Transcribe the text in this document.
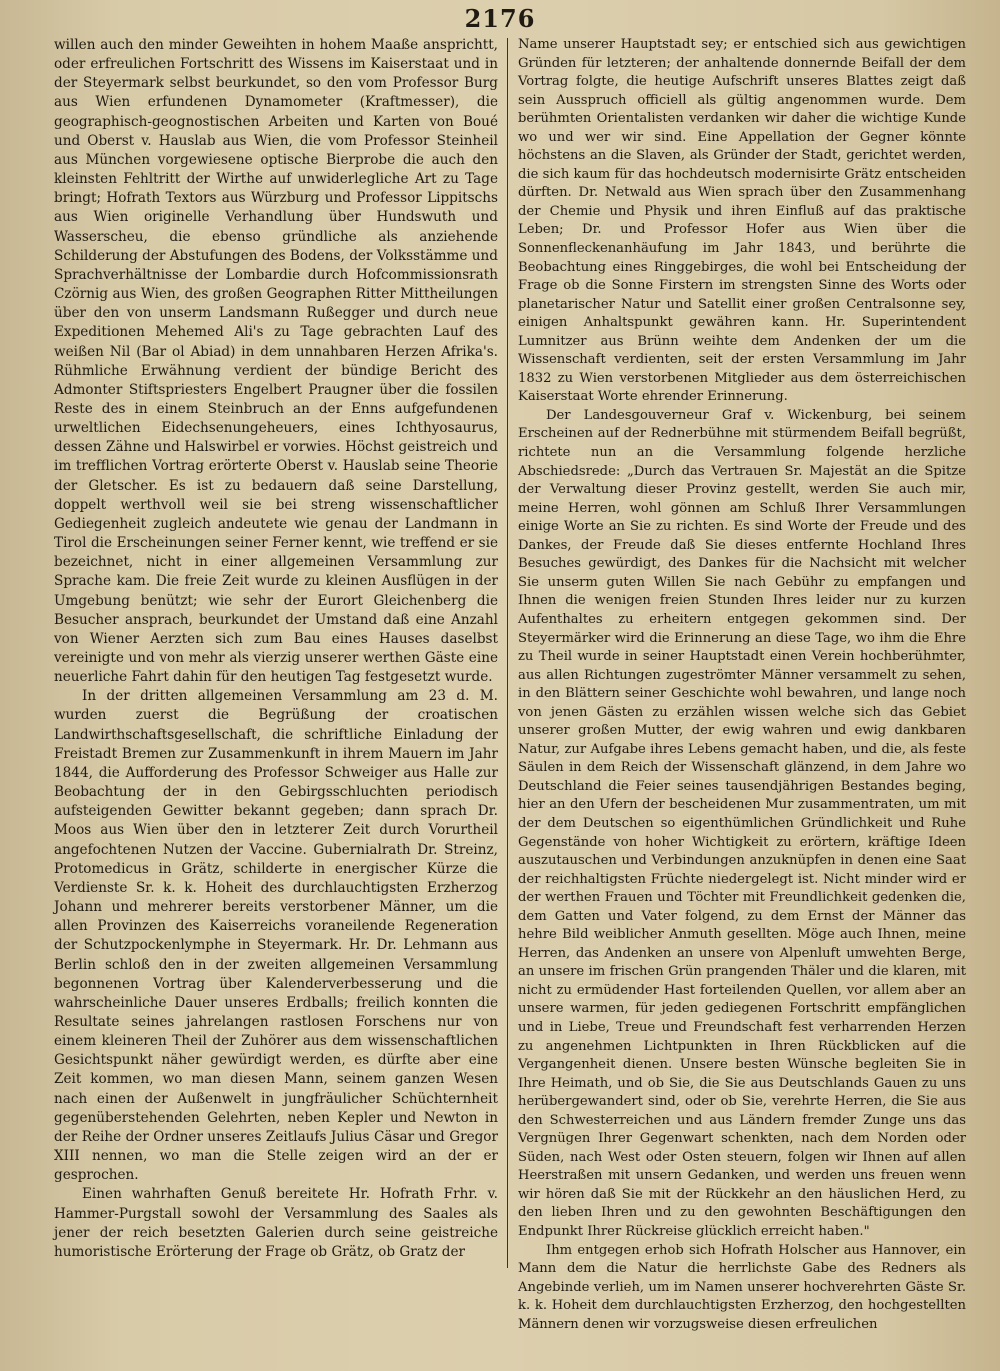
2176

willen auch den minder Geweihten in hohem Maaße ansprichtt, oder erfreulichen Fortschritt des Wissens im Kaiserstaat und in der Steyermark selbst beurkundet, so den vom Professor Burg aus Wien erfundenen Dynamometer (Kraftmesser), die geographisch-geognostischen Arbeiten und Karten von Boué und Oberst v. Hauslab aus Wien, die vom Professor Steinheil aus München vorgewiesene optische Bierprobe die auch den kleinsten Fehltritt der Wirthe auf unwiderlegliche Art zu Tage bringt; Hofrath Textors aus Würzburg und Professor Lippitschs aus Wien originelle Verhandlung über Hundswuth und Wasserscheu, die ebenso gründliche als anziehende Schilderung der Abstufungen des Bodens, der Volksstämme und Sprachverhältnisse der Lombardie durch Hofcommissionsrath Czörnig aus Wien, des großen Geographen Ritter Mittheilungen über den von unserm Landsmann Rußegger und durch neue Expeditionen Mehemed Ali's zu Tage gebrachten Lauf des weißen Nil (Bar ol Abiad) in dem unnahbaren Herzen Afrika's. Rühmliche Erwähnung verdient der bündige Bericht des Admonter Stiftspriesters Engelbert Praugner über die fossilen Reste des in einem Steinbruch an der Enns aufgefundenen urweltlichen Eidechsenungeheuers, eines Ichthyosaurus, dessen Zähne und Halswirbel er vorwies. Höchst geistreich und im trefflichen Vortrag erörterte Oberst v. Hauslab seine Theorie der Gletscher. Es ist zu bedauern daß seine Darstellung, doppelt werthvoll weil sie bei streng wissenschaftlicher Gediegenheit zugleich andeutete wie genau der Landmann in Tirol die Erscheinungen seiner Ferner kennt, wie treffend er sie bezeichnet, nicht in einer allgemeinen Versammlung zur Sprache kam. Die freie Zeit wurde zu kleinen Ausflügen in der Umgebung benützt; wie sehr der Eurort Gleichenberg die Besucher ansprach, beurkundet der Umstand daß eine Anzahl von Wiener Aerzten sich zum Bau eines Hauses daselbst vereinigte und von mehr als vierzig unserer werthen Gäste eine neuerliche Fahrt dahin für den heutigen Tag festgesetzt wurde.

In der dritten allgemeinen Versammlung am 23 d. M. wurden zuerst die Begrüßung der croatischen Landwirthschaftsgesellschaft, die schriftliche Einladung der Freistadt Bremen zur Zusammenkunft in ihrem Mauern im Jahr 1844, die Aufforderung des Professor Schweiger aus Halle zur Beobachtung der in den Gebirgsschluchten periodisch aufsteigenden Gewitter bekannt gegeben; dann sprach Dr. Moos aus Wien über den in letzterer Zeit durch Vorurtheil angefochtenen Nutzen der Vaccine. Gubernialrath Dr. Streinz, Protomedicus in Grätz, schilderte in energischer Kürze die Verdienste Sr. k. k. Hoheit des durchlauchtigsten Erzherzog Johann und mehrerer bereits verstorbener Männer, um die allen Provinzen des Kaiserreichs voraneilende Regeneration der Schutzpockenlymphe in Steyermark. Hr. Dr. Lehmann aus Berlin schloß den in der zweiten allgemeinen Versammlung begonnenen Vortrag über Kalenderverbesserung und die wahrscheinliche Dauer unseres Erdballs; freilich konnten die Resultate seines jahrelangen rastlosen Forschens nur von einem kleineren Theil der Zuhörer aus dem wissenschaftlichen Gesichtspunkt näher gewürdigt werden, es dürfte aber eine Zeit kommen, wo man diesen Mann, seinem ganzen Wesen nach einen der Außenwelt in jungfräulicher Schüchternheit gegenüberstehenden Gelehrten, neben Kepler und Newton in der Reihe der Ordner unseres Zeitlaufs Julius Cäsar und Gregor XIII nennen, wo man die Stelle zeigen wird an der er gesprochen.

Einen wahrhaften Genuß bereitete Hr. Hofrath Frhr. v. Hammer-Purgstall sowohl der Versammlung des Saales als jener der reich besetzten Galerien durch seine geistreiche humoristische Erörterung der Frage ob Grätz, ob Gratz der

Name unserer Hauptstadt sey; er entschied sich aus gewichtigen Gründen für letzteren; der anhaltende donnernde Beifall der dem Vortrag folgte, die heutige Aufschrift unseres Blattes zeigt daß sein Ausspruch officiell als gültig angenommen wurde. Dem berühmten Orientalisten verdanken wir daher die wichtige Kunde wo und wer wir sind. Eine Appellation der Gegner könnte höchstens an die Slaven, als Gründer der Stadt, gerichtet werden, die sich kaum für das hochdeutsch modernisirte Grätz entscheiden dürften. Dr. Netwald aus Wien sprach über den Zusammenhang der Chemie und Physik und ihren Einfluß auf das praktische Leben; Dr. und Professor Hofer aus Wien über die Sonnenfleckenanhäufung im Jahr 1843, und berührte die Beobachtung eines Ringgebirges, die wohl bei Entscheidung der Frage ob die Sonne Firstern im strengsten Sinne des Worts oder planetarischer Natur und Satellit einer großen Centralsonne sey, einigen Anhaltspunkt gewähren kann. Hr. Superintendent Lumnitzer aus Brünn weihte dem Andenken der um die Wissenschaft verdienten, seit der ersten Versammlung im Jahr 1832 zu Wien verstorbenen Mitglieder aus dem österreichischen Kaiserstaat Worte ehrender Erinnerung.

Der Landesgouverneur Graf v. Wickenburg, bei seinem Erscheinen auf der Rednerbühne mit stürmendem Beifall begrüßt, richtete nun an die Versammlung folgende herzliche Abschiedsrede: „Durch das Vertrauen Sr. Majestät an die Spitze der Verwaltung dieser Provinz gestellt, werden Sie auch mir, meine Herren, wohl gönnen am Schluß Ihrer Versammlungen einige Worte an Sie zu richten. Es sind Worte der Freude und des Dankes, der Freude daß Sie dieses entfernte Hochland Ihres Besuches gewürdigt, des Dankes für die Nachsicht mit welcher Sie unserm guten Willen Sie nach Gebühr zu empfangen und Ihnen die wenigen freien Stunden Ihres leider nur zu kurzen Aufenthaltes zu erheitern entgegen gekommen sind. Der Steyermärker wird die Erinnerung an diese Tage, wo ihm die Ehre zu Theil wurde in seiner Hauptstadt einen Verein hochberühmter, aus allen Richtungen zugeströmter Männer versammelt zu sehen, in den Blättern seiner Geschichte wohl bewahren, und lange noch von jenen Gästen zu erzählen wissen welche sich das Gebiet unserer großen Mutter, der ewig wahren und ewig dankbaren Natur, zur Aufgabe ihres Lebens gemacht haben, und die, als feste Säulen in dem Reich der Wissenschaft glänzend, in dem Jahre wo Deutschland die Feier seines tausendjährigen Bestandes beging, hier an den Ufern der bescheidenen Mur zusammentraten, um mit der dem Deutschen so eigenthümlichen Gründlichkeit und Ruhe Gegenstände von hoher Wichtigkeit zu erörtern, kräftige Ideen auszutauschen und Verbindungen anzuknüpfen in denen eine Saat der reichhaltigsten Früchte niedergelegt ist. Nicht minder wird er der werthen Frauen und Töchter mit Freundlichkeit gedenken die, dem Gatten und Vater folgend, zu dem Ernst der Männer das hehre Bild weiblicher Anmuth gesellten. Möge auch Ihnen, meine Herren, das Andenken an unsere von Alpenluft umwehten Berge, an unsere im frischen Grün prangenden Thäler und die klaren, mit nicht zu ermüdender Hast forteilenden Quellen, vor allem aber an unsere warmen, für jeden gediegenen Fortschritt empfänglichen und in Liebe, Treue und Freundschaft fest verharrenden Herzen zu angenehmen Lichtpunkten in Ihren Rückblicken auf die Vergangenheit dienen. Unsere besten Wünsche begleiten Sie in Ihre Heimath, und ob Sie, die Sie aus Deutschlands Gauen zu uns herübergewandert sind, oder ob Sie, verehrte Herren, die Sie aus den Schwesterreichen und aus Ländern fremder Zunge uns das Vergnügen Ihrer Gegenwart schenkten, nach dem Norden oder Süden, nach West oder Osten steuern, folgen wir Ihnen auf allen Heerstraßen mit unsern Gedanken, und werden uns freuen wenn wir hören daß Sie mit der Rückkehr an den häuslichen Herd, zu den lieben Ihren und zu den gewohnten Beschäftigungen den Endpunkt Ihrer Rückreise glücklich erreicht haben."

Ihm entgegen erhob sich Hofrath Holscher aus Hannover, ein Mann dem die Natur die herrlichste Gabe des Redners als Angebinde verlieh, um im Namen unserer hochverehrten Gäste Sr. k. k. Hoheit dem durchlauchtigsten Erzherzog, den hochgestellten Männern denen wir vorzugsweise diesen erfreulichen
